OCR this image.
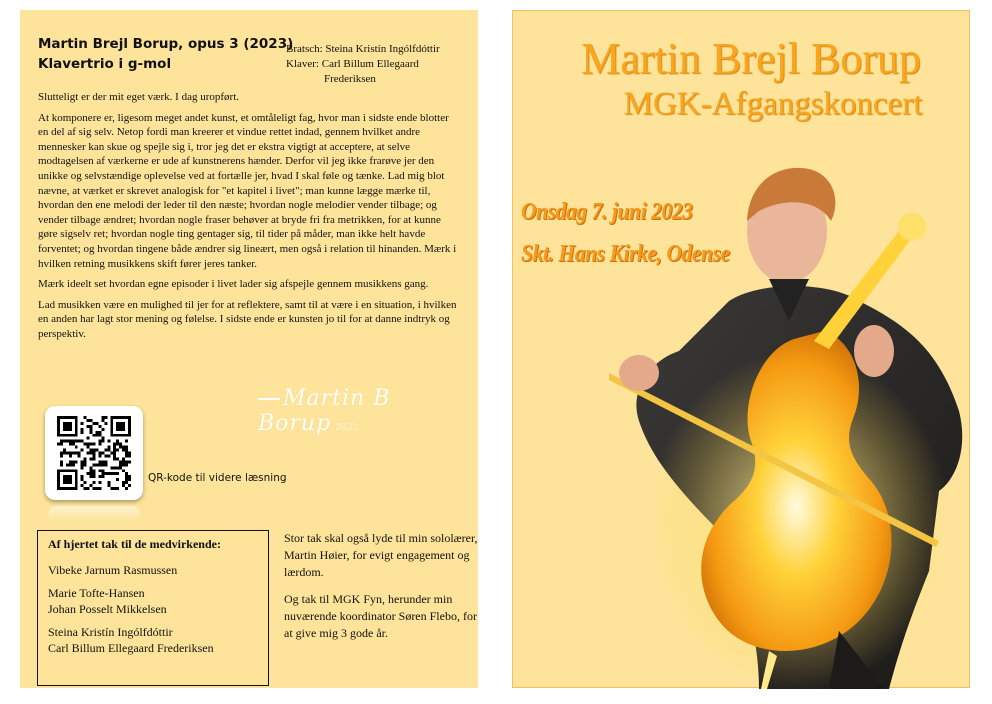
Martin Brejl Borup, opus 3 (2023)
Klavertrio i g-mol
Bratsch: Steina Kristín Ingólfdóttir
Klaver: Carl Billum Ellegaard
Frederiksen

Slutteligt er der mit eget værk. I dag uropført.

At komponere er, ligesom meget andet kunst, et omtåleligt fag, hvor man i sidste ende blotter en del af sig selv. Netop fordi man kreerer et vindue rettet indad, gennem hvilket andre mennesker kan skue og spejle sig i, tror jeg det er ekstra vigtigt at acceptere, at selve modtagelsen af værkerne er ude af kunstnerens hænder. Derfor vil jeg ikke frarøve jer den unikke og selvstændige oplevelse ved at fortælle jer, hvad I skal føle og tænke. Lad mig blot nævne, at værket er skrevet analogisk for "et kapitel i livet"; man kunne lægge mærke til, hvordan den ene melodi der leder til den næste; hvordan nogle melodier vender tilbage; og vender tilbage ændret; hvordan nogle fraser behøver at bryde fri fra metrikken, for at kunne gøre sigselv ret; hvordan nogle ting gentager sig, til tider på måder, man ikke helt havde forventet; og hvordan tingene både ændrer sig lineært, men også i relation til hinanden. Mærk i hvilken retning musikkens skift fører jeres tanker.

Mærk ideelt set hvordan egne episoder i livet lader sig afspejle gennem musikkens gang.

Lad musikken være en mulighed til jer for at reflektere, samt til at være i en situation, i hvilken en anden har lagt stor mening og følelse. I sidste ende er kunsten jo til for at danne indtryk og perspektiv.

Martin B Borup 2023
QR-kode til videre læsning

Af hjertet tak til de medvirkende:

Vibeke Jarnum Rasmussen

Marie Tofte-Hansen
Johan Posselt Mikkelsen

Steina Kristín Ingólfdóttir
Carl Billum Ellegaard Frederiksen

Stor tak skal også lyde til min sololærer, Martin Høier, for evigt engagement og lærdom.

Og tak til MGK Fyn, herunder min nuværende koordinator Søren Flebo, for at give mig 3 gode år.

Martin Brejl Borup
MGK-Afgangskoncert
Onsdag 7. juni 2023
Skt. Hans Kirke, Odense
